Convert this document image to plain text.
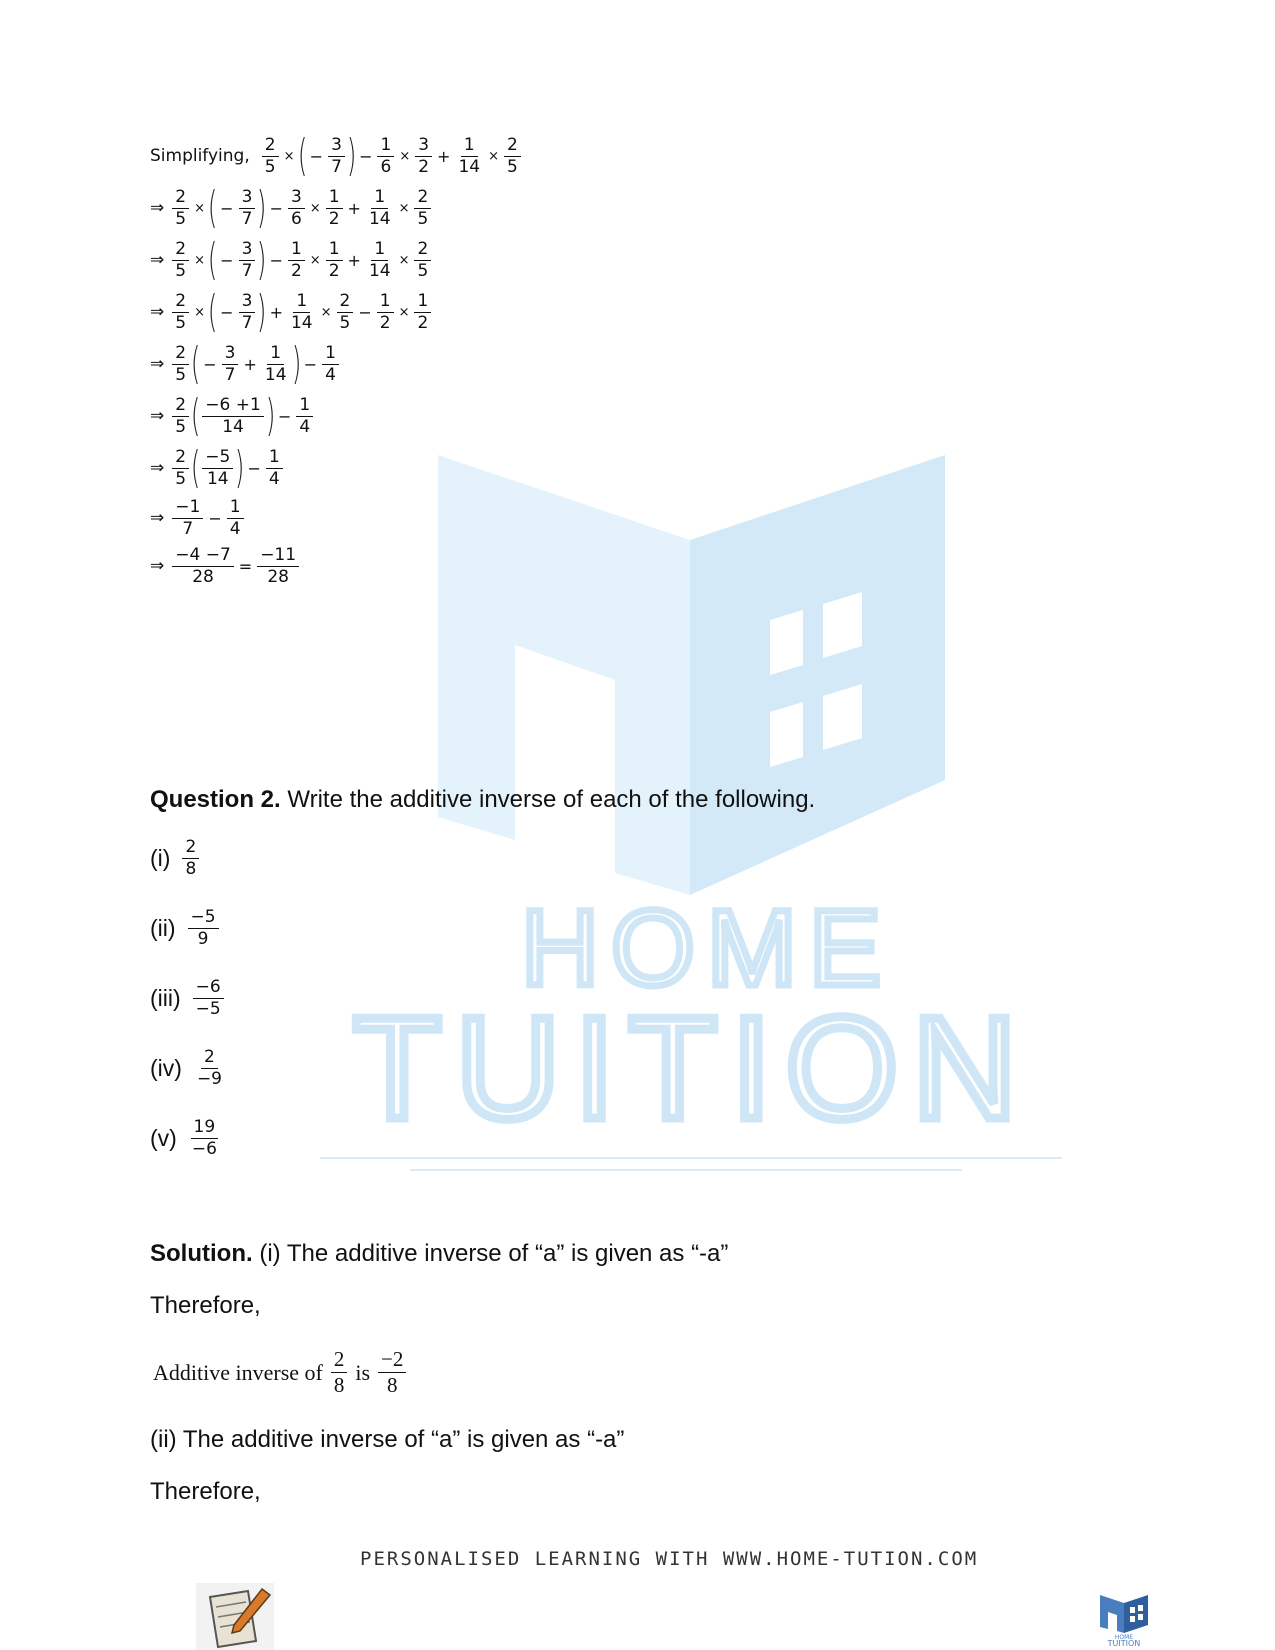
HOME
TUITION
Simplifying, $\frac{2}{5}$ × ( − $\frac{3}{7}$ ) − $\frac{1}{6} \times \frac{3}{2} + \frac{1}{14} \times \frac{2}{5}$
⇒ $\frac{2}{5}$ × ( − $\frac{3}{7}$ ) − $\frac{3}{6} \times \frac{1}{2} + \frac{1}{14} \times \frac{2}{5}$
⇒ $\frac{2}{5}$ × ( − $\frac{3}{7}$ ) − $\frac{1}{2} \times \frac{1}{2} + \frac{1}{14} \times \frac{2}{5}$
⇒ $\frac{2}{5}$ × ( − $\frac{3}{7}$ ) + $\frac{1}{14} \times \frac{2}{5} - \frac{1}{2} \times \frac{1}{2}$
⇒ $\frac{2}{5}$ ( − $\frac{3}{7} + \frac{1}{14}$ ) − $\frac{1}{4}$
⇒ $\frac{2}{5}$ ( $\frac{-6 +1}{14}$ ) − $\frac{1}{4}$
⇒ $\frac{2}{5}$ ( $\frac{-5}{14}$ ) − $\frac{1}{4}$
⇒ $\frac{-1}{7} - \frac{1}{4}$
⇒ $\frac{-4 -7}{28} = \frac{-11}{28}$
Question 2. Write the additive inverse of each of the following.
$(i) \frac{2}{8}$
$(ii) \frac{-5}{9}$
$(iii) \frac{-6}{-5}$
$(iv) \frac{2}{-9}$
$(v) \frac{19}{-6}$
Solution. (i) The additive inverse of “a” is given as “-a”
Therefore,
Additive inverse of $\frac{2}{8}$ is $\frac{-2}{8}$
(ii) The additive inverse of “a” is given as “-a”
Therefore,
PERSONALISED LEARNING WITH WWW.HOME-TUTION.COM
HOME
TUITION
